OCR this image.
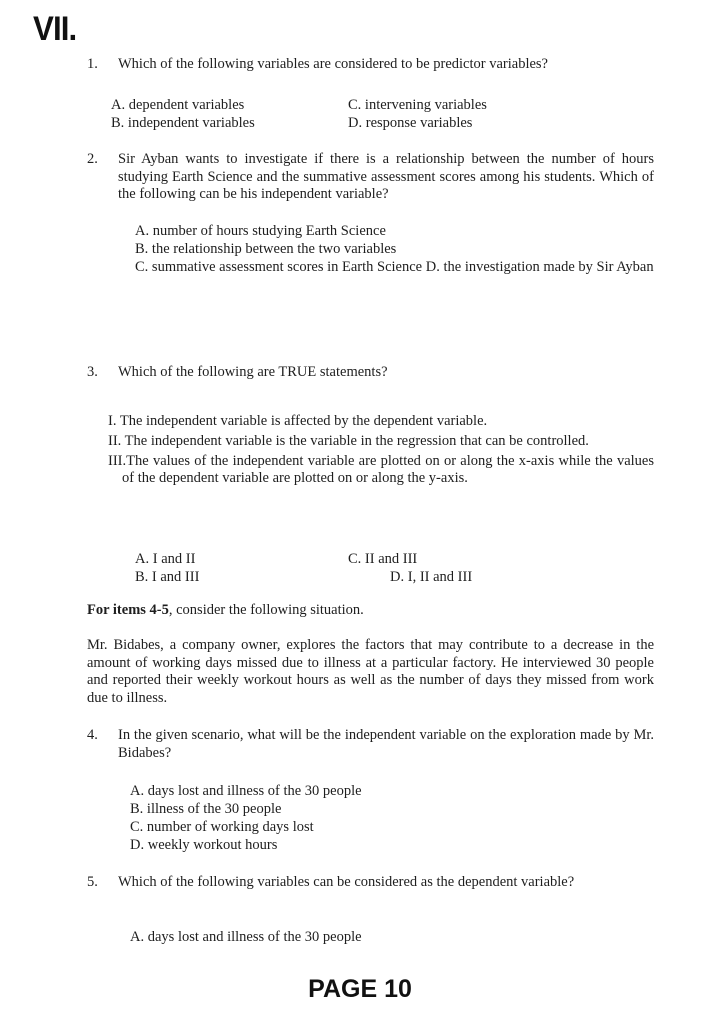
VII.
1. Which of the following variables are considered to be predictor variables?
A. dependent variables
B. independent variables
C. intervening variables
D. response variables
2. Sir Ayban wants to investigate if there is a relationship between the number of hours studying Earth Science and the summative assessment scores among his students. Which of the following can be his independent variable?
A. number of hours studying Earth Science
B. the relationship between the two variables
C. summative assessment scores in Earth Science D. the investigation made by Sir Ayban
3. Which of the following are TRUE statements?
I. The independent variable is affected by the dependent variable.
II. The independent variable is the variable in the regression that can be controlled.
III.The values of the independent variable are plotted on or along the x-axis while the values of the dependent variable are plotted on or along the y-axis.
A. I and II
B. I and III
C. II and III
D. I, II and III
For items 4-5, consider the following situation.
Mr. Bidabes, a company owner, explores the factors that may contribute to a decrease in the amount of working days missed due to illness at a particular factory. He interviewed 30 people and reported their weekly workout hours as well as the number of days they missed from work due to illness.
4. In the given scenario, what will be the independent variable on the exploration made by Mr. Bidabes?
A. days lost and illness of the 30 people
B. illness of the 30 people
C. number of working days lost
D. weekly workout hours
5. Which of the following variables can be considered as the dependent variable?
A. days lost and illness of the 30 people
PAGE 10
